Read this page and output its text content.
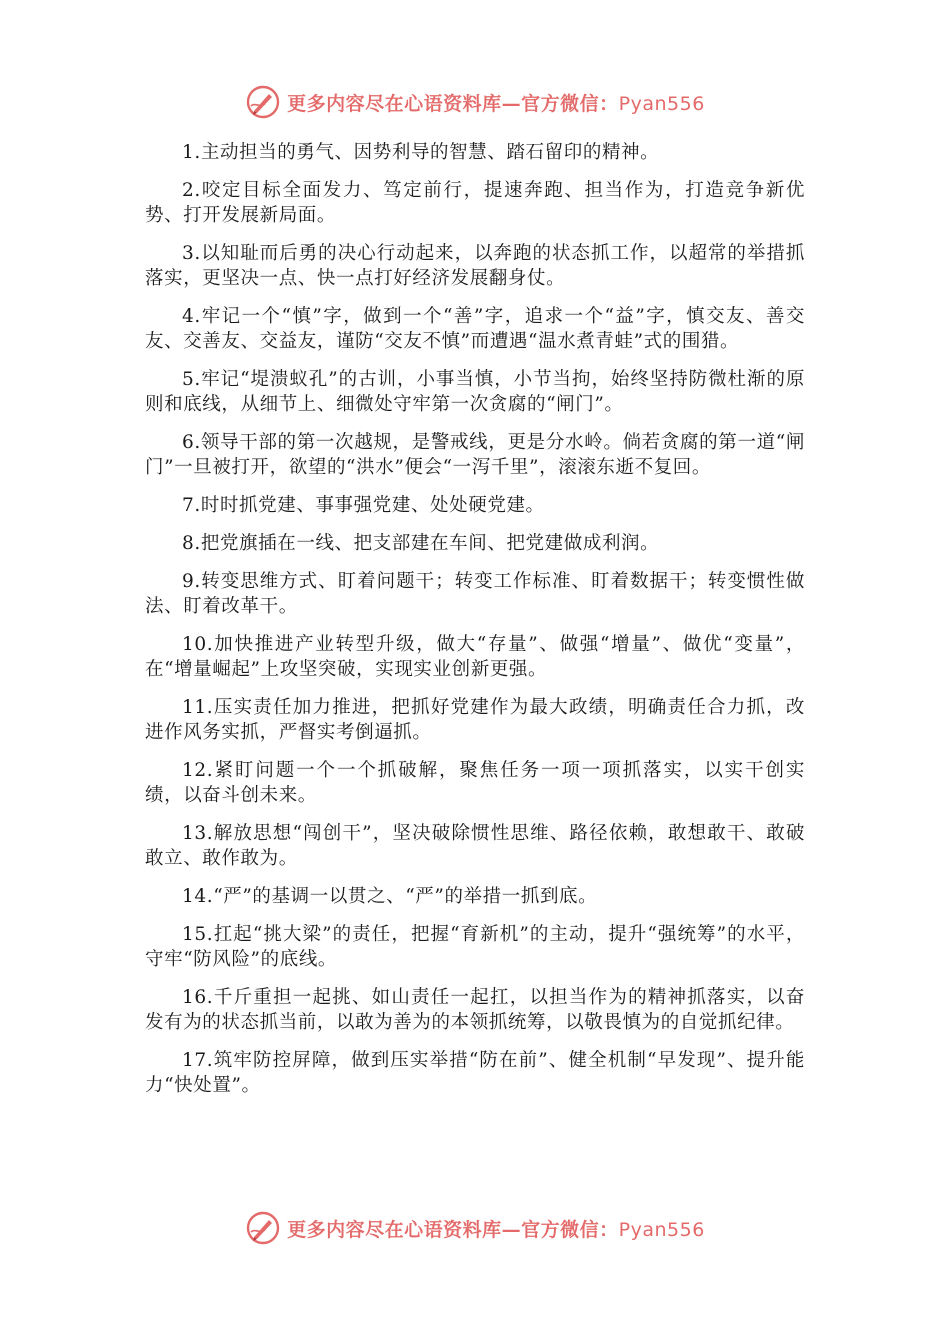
更多内容尽在心语资料库—官方微信：Pyan556

1.主动担当的勇气、因势利导的智慧、踏石留印的精神。

2.咬定目标全面发力、笃定前行，提速奔跑、担当作为，打造竞争新优势、打开发展新局面。

3.以知耻而后勇的决心行动起来，以奔跑的状态抓工作，以超常的举措抓落实，更坚决一点、快一点打好经济发展翻身仗。

4.牢记一个“慎”字，做到一个“善”字，追求一个“益”字，慎交友、善交友、交善友、交益友，谨防“交友不慎”而遭遇“温水煮青蛙”式的围猎。

5.牢记“堤溃蚁孔”的古训，小事当慎，小节当拘，始终坚持防微杜渐的原则和底线，从细节上、细微处守牢第一次贪腐的“闸门”。

6.领导干部的第一次越规，是警戒线，更是分水岭。倘若贪腐的第一道“闸门”一旦被打开，欲望的“洪水”便会“一泻千里”，滚滚东逝不复回。

7.时时抓党建、事事强党建、处处硬党建。

8.把党旗插在一线、把支部建在车间、把党建做成利润。

9.转变思维方式、盯着问题干；转变工作标准、盯着数据干；转变惯性做法、盯着改革干。

10.加快推进产业转型升级，做大“存量”、做强“增量”、做优“变量”，在“增量崛起”上攻坚突破，实现实业创新更强。

11.压实责任加力推进，把抓好党建作为最大政绩，明确责任合力抓，改进作风务实抓，严督实考倒逼抓。

12.紧盯问题一个一个抓破解，聚焦任务一项一项抓落实，以实干创实绩，以奋斗创未来。

13.解放思想“闯创干”，坚决破除惯性思维、路径依赖，敢想敢干、敢破敢立、敢作敢为。

14.“严”的基调一以贯之、“严”的举措一抓到底。

15.扛起“挑大梁”的责任，把握“育新机”的主动，提升“强统筹”的水平，守牢“防风险”的底线。

16.千斤重担一起挑、如山责任一起扛，以担当作为的精神抓落实，以奋发有为的状态抓当前，以敢为善为的本领抓统筹，以敬畏慎为的自觉抓纪律。

17.筑牢防控屏障，做到压实举措“防在前”、健全机制“早发现”、提升能力“快处置”。

更多内容尽在心语资料库—官方微信：Pyan556
